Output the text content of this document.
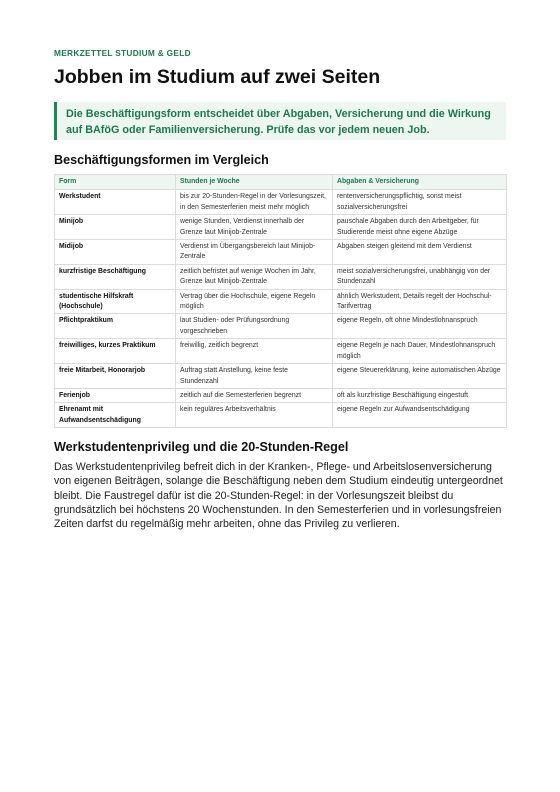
MERKZETTEL STUDIUM & GELD
Jobben im Studium auf zwei Seiten

Die Beschäftigungsform entscheidet über Abgaben, Versicherung und die Wirkung auf BAföG oder Familienversicherung. Prüfe das vor jedem neuen Job.

Beschäftigungsformen im Vergleich
Form	Stunden je Woche	Abgaben & Versicherung
Werkstudent	bis zur 20-Stunden-Regel in der Vorlesungszeit, in den Semesterferien meist mehr möglich	rentenversicherungspflichtig, sonst meist sozialversicherungsfrei
Minijob	wenige Stunden, Verdienst innerhalb der Grenze laut Minijob-Zentrale	pauschale Abgaben durch den Arbeitgeber, für Studierende meist ohne eigene Abzüge
Midijob	Verdienst im Übergangsbereich laut Minijob-Zentrale	Abgaben steigen gleitend mit dem Verdienst
kurzfristige Beschäftigung	zeitlich befristet auf wenige Wochen im Jahr, Grenze laut Minijob-Zentrale	meist sozialversicherungsfrei, unabhängig von der Stundenzahl
studentische Hilfskraft (Hochschule)	Vertrag über die Hochschule, eigene Regeln möglich	ähnlich Werkstudent, Details regelt der Hochschul-Tarifvertrag
Pflichtpraktikum	laut Studien- oder Prüfungsordnung vorgeschrieben	eigene Regeln, oft ohne Mindestlohnanspruch
freiwilliges, kurzes Praktikum	freiwillig, zeitlich begrenzt	eigene Regeln je nach Dauer, Mindestlohnanspruch möglich
freie Mitarbeit, Honorarjob	Auftrag statt Anstellung, keine feste Stundenzahl	eigene Steuererklärung, keine automatischen Abzüge
Ferienjob	zeitlich auf die Semesterferien begrenzt	oft als kurzfristige Beschäftigung eingestuft
Ehrenamt mit Aufwandsentschädigung	kein reguläres Arbeitsverhältnis	eigene Regeln zur Aufwandsentschädigung
Werkstudentenprivileg und die 20-Stunden-Regel

Das Werkstudentenprivileg befreit dich in der Kranken-, Pflege- und Arbeitslosenversicherung von eigenen Beiträgen, solange die Beschäftigung neben dem Studium eindeutig untergeordnet bleibt. Die Faustregel dafür ist die 20-Stunden-Regel: in der Vorlesungszeit bleibst du grundsätzlich bei höchstens 20 Wochenstunden. In den Semesterferien und in vorlesungsfreien Zeiten darfst du regelmäßig mehr arbeiten, ohne das Privileg zu verlieren.
